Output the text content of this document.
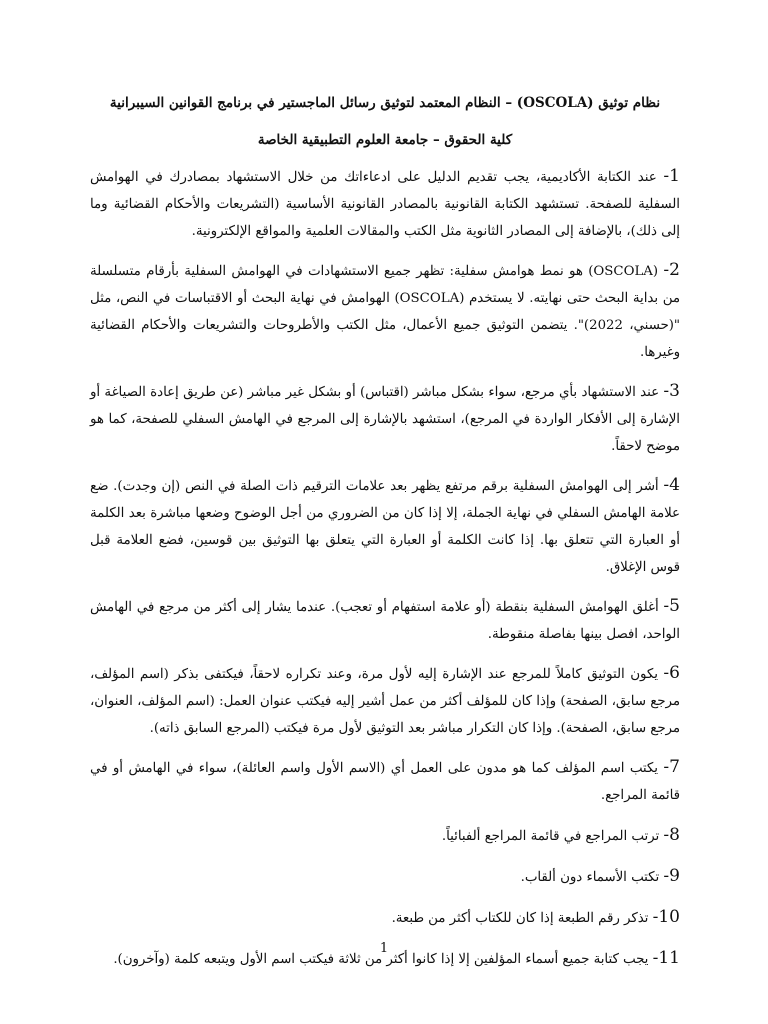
نظام توثيق (OSCOLA) – النظام المعتمد لتوثيق رسائل الماجستير في برنامج القوانين السيبرانية

كلية الحقوق – جامعة العلوم التطبيقية الخاصة

1- عند الكتابة الأكاديمية، يجب تقديم الدليل على ادعاءاتك من خلال الاستشهاد بمصادرك في الهوامش السفلية للصفحة. تستشهد الكتابة القانونية بالمصادر القانونية الأساسية (التشريعات والأحكام القضائية وما إلى ذلك)، بالإضافة إلى المصادر الثانوية مثل الكتب والمقالات العلمية والمواقع الإلكترونية.

2- (OSCOLA) هو نمط هوامش سفلية: تظهر جميع الاستشهادات في الهوامش السفلية بأرقام متسلسلة من بداية البحث حتى نهايته. لا يستخدم (OSCOLA) الهوامش في نهاية البحث أو الاقتباسات في النص، مثل "(حسني، 2022)". يتضمن التوثيق جميع الأعمال، مثل الكتب والأطروحات والتشريعات والأحكام القضائية وغيرها.

3- عند الاستشهاد بأي مرجع، سواء بشكل مباشر (اقتباس) أو بشكل غير مباشر (عن طريق إعادة الصياغة أو الإشارة إلى الأفكار الواردة في المرجع)، استشهد بالإشارة إلى المرجع في الهامش السفلي للصفحة، كما هو موضح لاحقاً.

4- أشر إلى الهوامش السفلية برقم مرتفع يظهر بعد علامات الترقيم ذات الصلة في النص (إن وجدت). ضع علامة الهامش السفلي في نهاية الجملة، إلا إذا كان من الضروري من أجل الوضوح وضعها مباشرة بعد الكلمة أو العبارة التي تتعلق بها. إذا كانت الكلمة أو العبارة التي يتعلق بها التوثيق بين قوسين، فضع العلامة قبل قوس الإغلاق.

5- أغلق الهوامش السفلية بنقطة (أو علامة استفهام أو تعجب). عندما يشار إلى أكثر من مرجع في الهامش الواحد، افصل بينها بفاصلة منقوطة.

6- يكون التوثيق كاملاً للمرجع عند الإشارة إليه لأول مرة، وعند تكراره لاحقاً، فيكتفى بذكر (اسم المؤلف، مرجع سابق، الصفحة) وإذا كان للمؤلف أكثر من عمل أشير إليه فيكتب عنوان العمل: (اسم المؤلف، العنوان، مرجع سابق، الصفحة). وإذا كان التكرار مباشر بعد التوثيق لأول مرة فيكتب (المرجع السابق ذاته).

7- يكتب اسم المؤلف كما هو مدون على العمل أي (الاسم الأول واسم العائلة)، سواء في الهامش أو في قائمة المراجع.

8- ترتب المراجع في قائمة المراجع ألفبائياً.

9- تكتب الأسماء دون ألقاب.

10- تذكر رقم الطبعة إذا كان للكتاب أكثر من طبعة.

11- يجب كتابة جميع أسماء المؤلفين إلا إذا كانوا أكثر من ثلاثة فيكتب اسم الأول ويتبعه كلمة (وآخرون).

1
